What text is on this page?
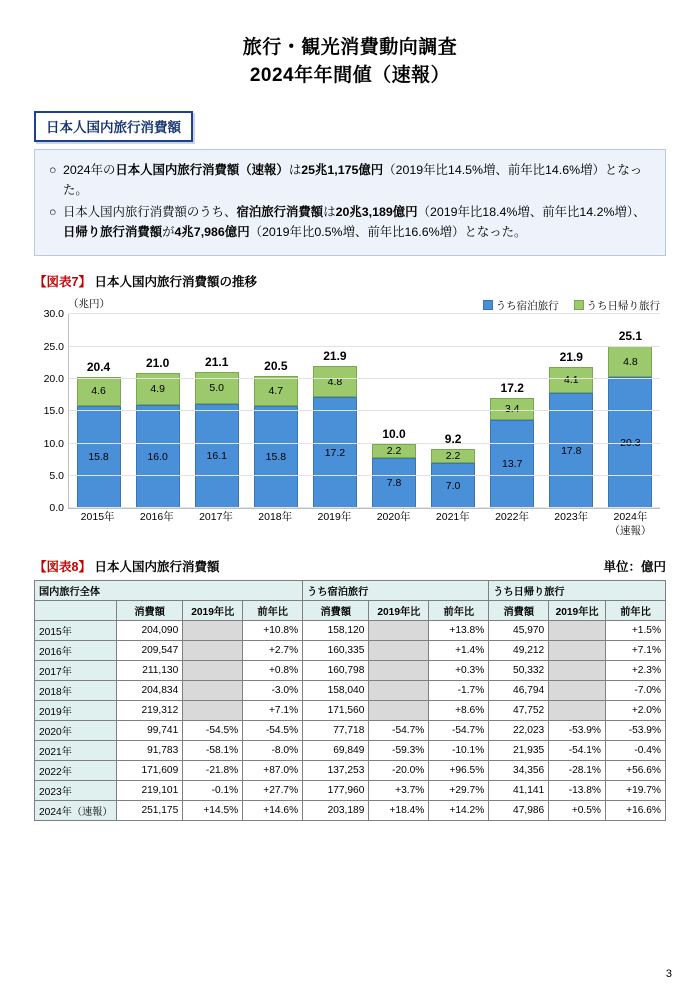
旅行・観光消費動向調査
2024年年間値（速報）
日本人国内旅行消費額

○ 2024年の日本人国内旅行消費額（速報）は25兆1,175億円（2019年比14.5%増、前年比14.6%増）となった。

○ 日本人国内旅行消費額のうち、宿泊旅行消費額は20兆3,189億円（2019年比18.4%増、前年比14.2%増）、日帰り旅行消費額が4兆7,986億円（2019年比0.5%増、前年比16.6%増）となった。

【図表7】 日本人国内旅行消費額の推移
（兆円）	うち宿泊旅行	うち日帰り旅行
4.6
15.8
20.4
4.9
16.0
21.0
5.0
16.1
21.1
4.7
15.8
20.5
4.8
17.2
21.9
2.2
7.8
10.0
2.2
7.0
9.2
3.4
13.7
17.2
4.1
17.8
21.9	4.8
20.3
25.1
0.0
5.0
10.0
15.0
20.0
25.0
30.0
2015年	2016年	2017年	2018年	2019年	2020年	2021年	2022年	2023年	2024年
（速報）
単位：億円
【図表8】 日本人国内旅行消費額
国内旅行全体				うち宿泊旅行			うち日帰り旅行		
	消費額	2019年比	前年比	消費額	2019年比	前年比	消費額	2019年比	前年比
2015年	204,090		+10.8%	158,120		+13.8%	45,970		+1.5%
2016年	209,547		+2.7%	160,335		+1.4%	49,212		+7.1%
2017年	211,130		+0.8%	160,798		+0.3%	50,332		+2.3%
2018年	204,834		-3.0%	158,040		-1.7%	46,794		-7.0%
2019年	219,312		+7.1%	171,560		+8.6%	47,752		+2.0%
2020年	99,741	-54.5%	-54.5%	77,718	-54.7%	-54.7%	22,023	-53.9%	-53.9%
2021年	91,783	-58.1%	-8.0%	69,849	-59.3%	-10.1%	21,935	-54.1%	-0.4%
2022年	171,609	-21.8%	+87.0%	137,253	-20.0%	+96.5%	34,356	-28.1%	+56.6%
2023年	219,101	-0.1%	+27.7%	177,960	+3.7%	+29.7%	41,141	-13.8%	+19.7%
2024年（速報）	251,175	+14.5%	+14.6%	203,189	+18.4%	+14.2%	47,986	+0.5%	+16.6%
3
